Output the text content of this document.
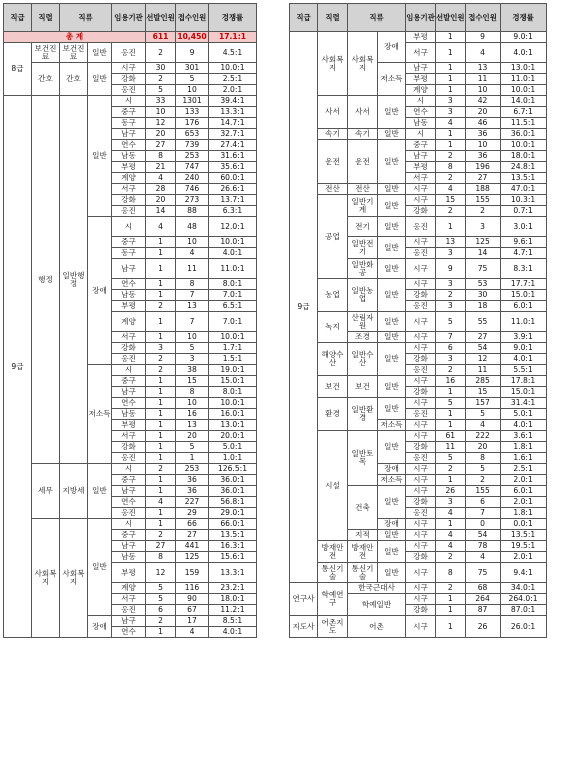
직급	직렬	직류		임용기관	선발인원	접수인원	경쟁률
총 계					611	10,450	17.1:1
8급	보건진료	보건진료	일반	옹진	2	9	4.5:1
	간호	간호	일반	시구	30	301	10.0:1
				강화	2	5	2.5:1
				옹진	5	10	2.0:1
9급	행정	일반행정	일반	시	33	1301	39.4:1
				중구	10	133	13.3:1
				동구	12	176	14.7:1
				남구	20	653	32.7:1
				연수	27	739	27.4:1
				남동	8	253	31.6:1
				부평	21	747	35.6:1
				계양	4	240	60.0:1
				서구	28	746	26.6:1
				강화	20	273	13.7:1
				옹진	14	88	6.3:1
			장애	시	4	48	12.0:1
				중구	1	10	10.0:1
				동구	1	4	4.0:1
				남구	1	11	11.0:1
				연수	1	8	8.0:1
				남동	1	7	7.0:1
				부평	2	13	6.5:1
				계양	1	7	7.0:1
				서구	1	10	10.0:1
				강화	3	5	1.7:1
				옹진	2	3	1.5:1
			저소득	시	2	38	19.0:1
				중구	1	15	15.0:1
				남구	1	8	8.0:1
				연수	1	10	10.0:1
				남동	1	16	16.0:1
				부평	1	13	13.0:1
				서구	1	20	20.0:1
				강화	1	5	5.0:1
				옹진	1	1	1.0:1
	세무	지방세	일반	시	2	253	126.5:1
				중구	1	36	36.0:1
				남구	1	36	36.0:1
				연수	4	227	56.8:1
				옹진	1	29	29.0:1
	사회복지	사회복지	일반	시	1	66	66.0:1
				중구	2	27	13.5:1
				남구	27	441	16.3:1
				남동	8	125	15.6:1
				부평	12	159	13.3:1
				계양	5	116	23.2:1
				서구	5	90	18.0:1
				옹진	6	67	11.2:1
			장애	남구	2	17	8.5:1
				연수	1	4	4.0:1
직급	직렬	직류		임용기관	선발인원	접수인원	경쟁률
9급	사회복지	사회복지	장애	부평	1	9	9.0:1
				서구	1	4	4.0:1
			저소득	남구	1	13	13.0:1
				부평	1	11	11.0:1
				계양	1	10	10.0:1
	사서	사서	일반	시	3	42	14.0:1
				연수	3	20	6.7:1
				남동	4	46	11.5:1
	속기	속기	일반	시	1	36	36.0:1
	운전	운전	일반	중구	1	10	10.0:1
				남구	2	36	18.0:1
				부평	8	196	24.8:1
				서구	2	27	13.5:1
	전산	전산	일반	시구	4	188	47.0:1
	공업	일반기계	일반	시구	15	155	10.3:1
				강화	2	2	0.7:1
		전기	일반	옹진	1	3	3.0:1
		일반전기	일반	시구	13	125	9.6:1
				옹진	3	14	4.7:1
		일반화공	일반	시구	9	75	8.3:1
	농업	일반농업	일반	시구	3	53	17.7:1
				강화	2	30	15.0:1
				옹진	3	18	6.0:1
	녹지	산림자원	일반	시구	5	55	11.0:1
		조경	일반	시구	7	27	3.9:1
	해양수산	일반수산	일반	시구	6	54	9.0:1
				강화	3	12	4.0:1
				옹진	2	11	5.5:1
	보건	보건	일반	시구	16	285	17.8:1
				강화	1	15	15.0:1
	환경	일반환경	일반	시구	5	157	31.4:1
				옹진	1	5	5.0:1
			저소득	시구	1	4	4.0:1
	시설	일반토목	일반	시구	61	222	3.6:1
				강화	11	20	1.8:1
				옹진	5	8	1.6:1
			장애	시구	2	5	2.5:1
			저소득	시구	1	2	2.0:1
		건축	일반	시구	26	155	6.0:1
				강화	3	6	2.0:1
				옹진	4	7	1.8:1
			장애	시구	1	0	0.0:1
		지적	일반	시구	4	54	13.5:1
	방재안전	방재안전	일반	시구	4	78	19.5:1
				강화	2	4	2.0:1
	통신기술	통신기술	일반	시구	8	75	9.4:1
연구사	학예연구	한국근대사		시구	2	68	34.0:1
		학예일반		시구	1	264	264.0:1
				강화	1	87	87.0:1
지도사	어촌지도	어촌		시구	1	26	26.0:1
